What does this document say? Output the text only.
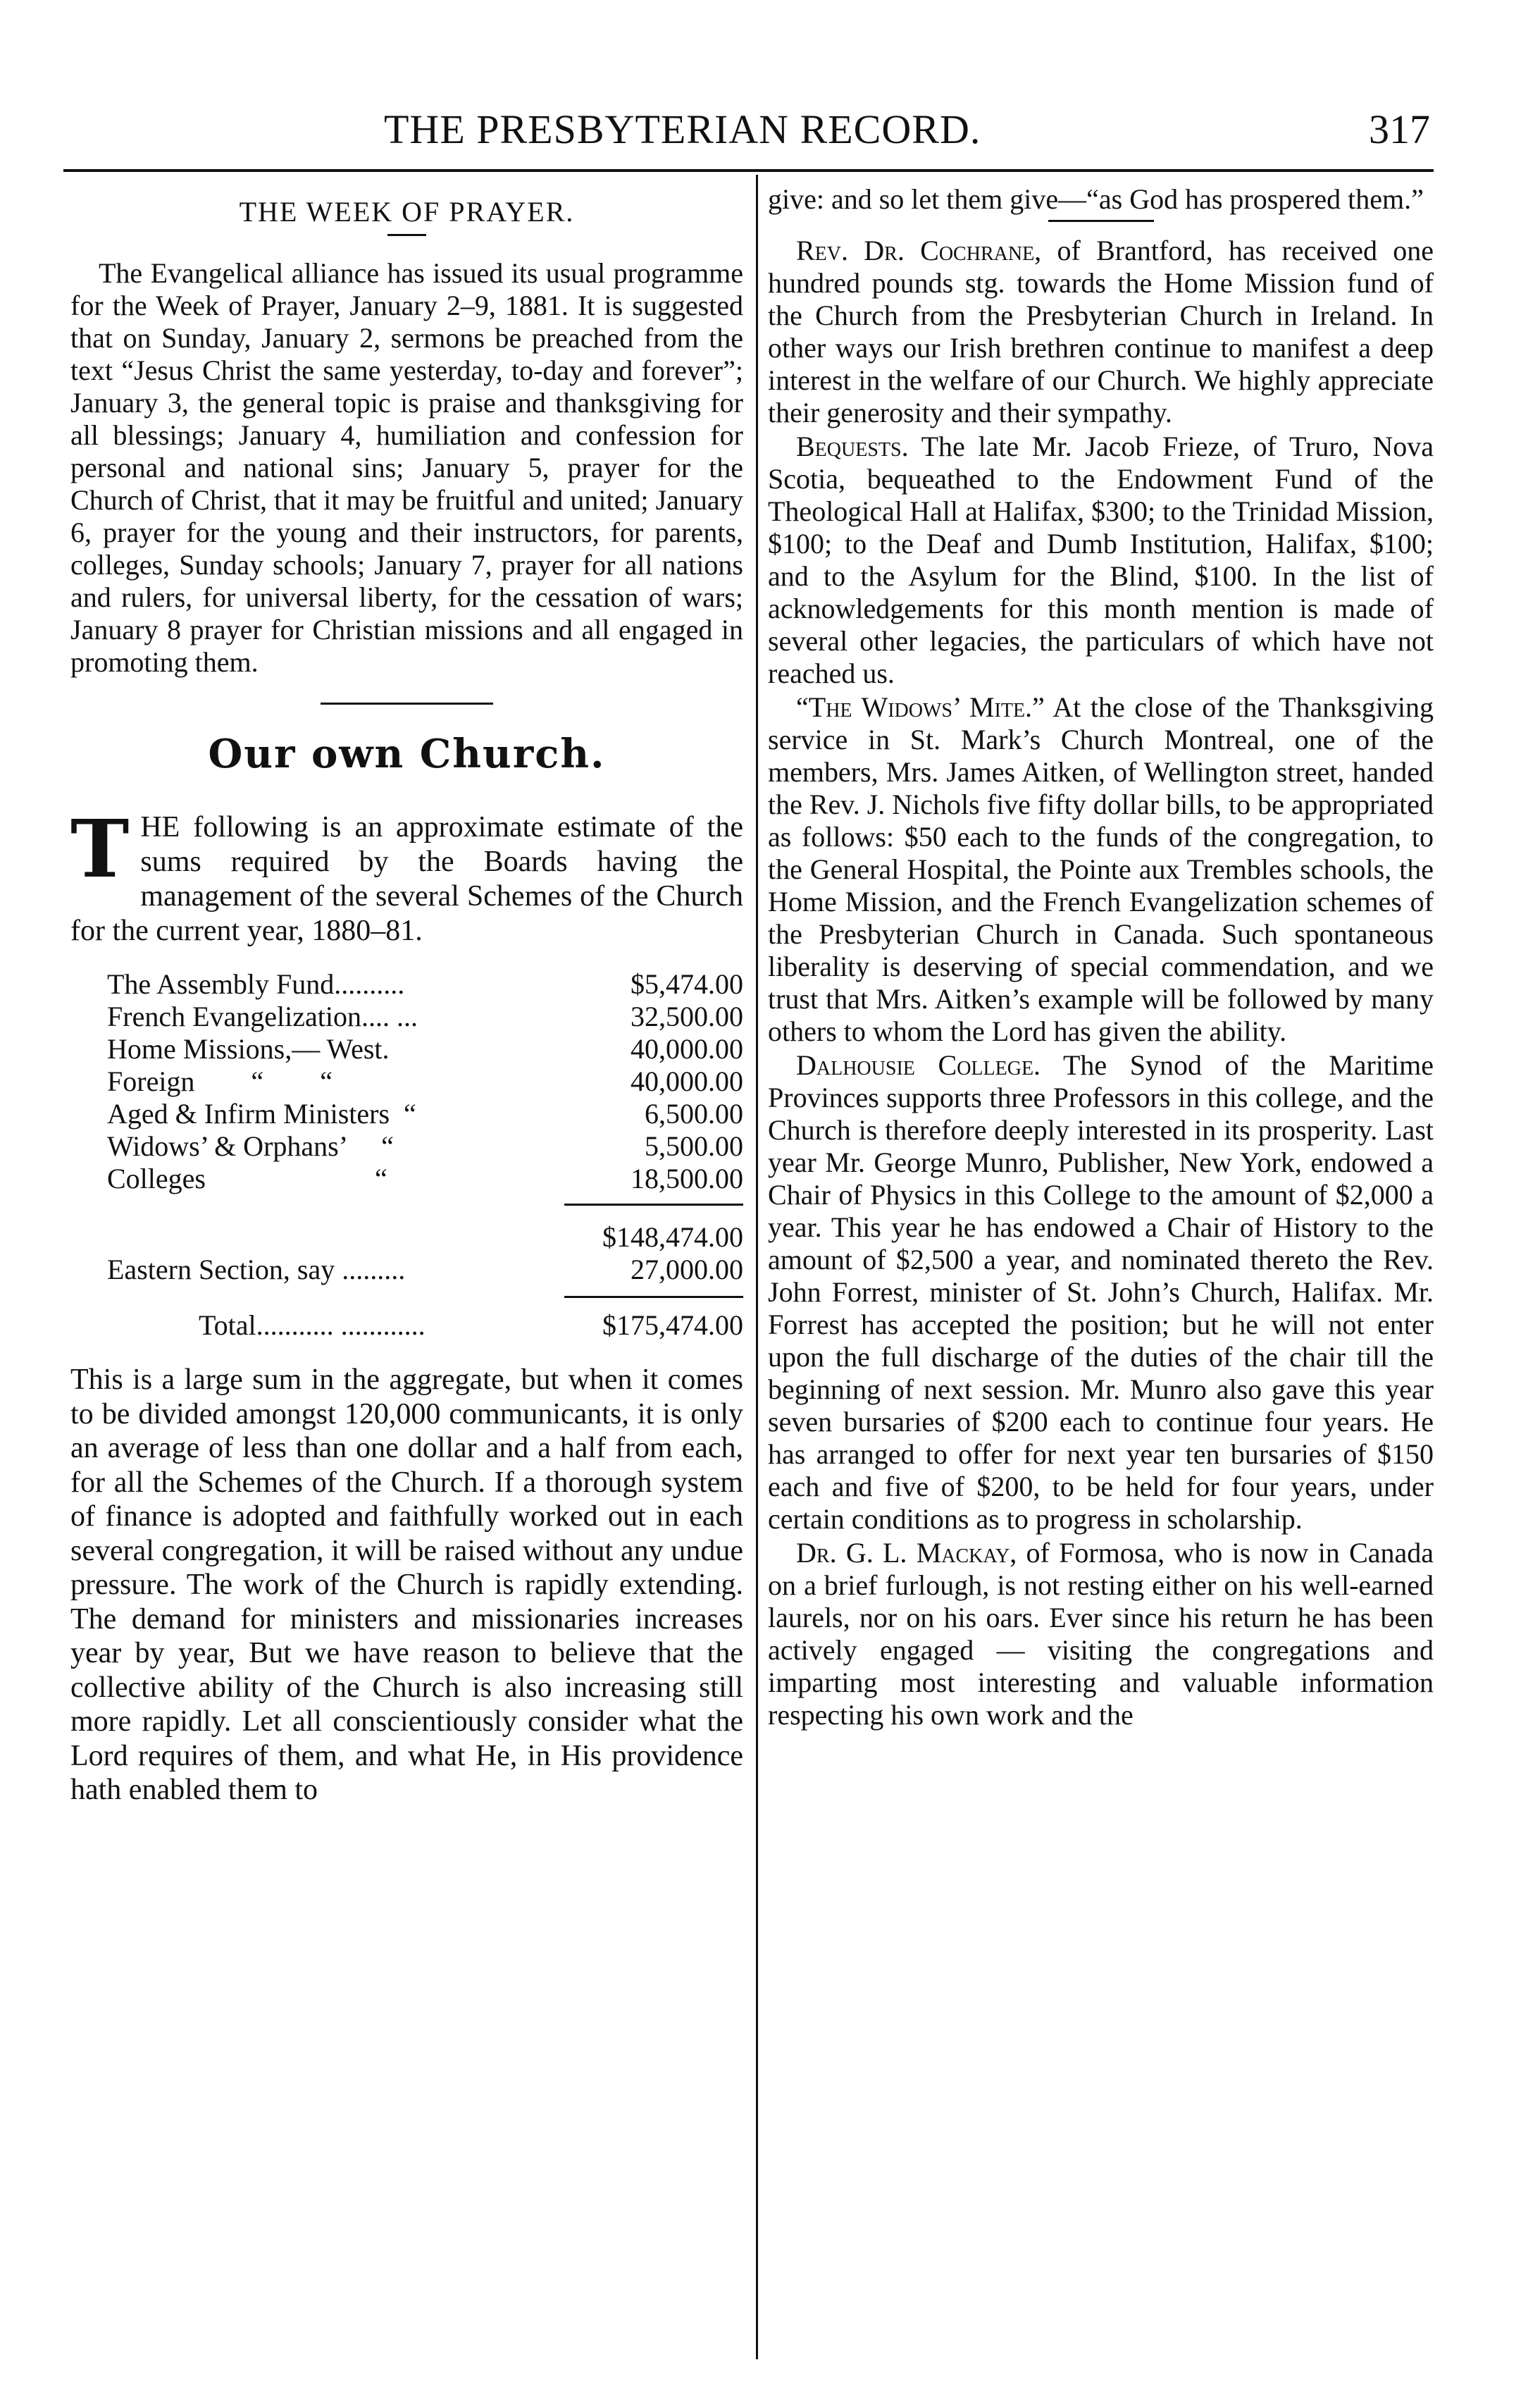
THE PRESBYTERIAN RECORD.	317
THE WEEK OF PRAYER.

The Evangelical alliance has issued its usual programme for the Week of Prayer, January 2–9, 1881. It is suggested that on Sunday, January 2, sermons be preached from the text “Jesus Christ the same yesterday, to-day and forever”; January 3, the general topic is praise and thanksgiving for all blessings; January 4, humiliation and confession for personal and national sins; January 5, prayer for the Church of Christ, that it may be fruitful and united; January 6, prayer for the young and their instructors, for parents, colleges, Sunday schools; January 7, prayer for all nations and rulers, for universal liberty, for the cessation of wars; January 8 prayer for Christian missions and all engaged in promoting them.

Our own Church.

THE following is an approximate estimate of the sums required by the Boards having the management of the several Schemes of the Church for the current year, 1880–81.

The Assembly Fund..........	$5,474.00
French Evangelization.... ...	32,500.00
Home Missions,— West.	40,000.00
Foreign        “        “	40,000.00
Aged & Infirm Ministers  “	6,500.00
Widows’ & Orphans’     “	5,500.00
Colleges                        “	18,500.00

	$148,474.00
Eastern Section, say .........	27,000.00

Total........... ............	$175,474.00

This is a large sum in the aggregate, but when it comes to be divided amongst 120,000 communicants, it is only an average of less than one dollar and a half from each, for all the Schemes of the Church. If a thorough system of finance is adopted and faithfully worked out in each several congregation, it will be raised without any undue pressure. The work of the Church is rapidly extending. The demand for ministers and missionaries increases year by year, But we have reason to believe that the collective ability of the Church is also increasing still more rapidly. Let all conscientiously consider what the Lord requires of them, and what He, in His providence hath enabled them to

give: and so let them give—“as God has prospered them.”

Rev. Dr. Cochrane, of Brantford, has received one hundred pounds stg. towards the Home Mission fund of the Church from the Presbyterian Church in Ireland. In other ways our Irish brethren continue to manifest a deep interest in the welfare of our Church. We highly appreciate their generosity and their sympathy.

Bequests. The late Mr. Jacob Frieze, of Truro, Nova Scotia, bequeathed to the Endowment Fund of the Theological Hall at Halifax, $300; to the Trinidad Mission, $100; to the Deaf and Dumb Institution, Halifax, $100; and to the Asylum for the Blind, $100. In the list of acknowledgements for this month mention is made of several other legacies, the particulars of which have not reached us.

“The Widows’ Mite.” At the close of the Thanksgiving service in St. Mark’s Church Montreal, one of the members, Mrs. James Aitken, of Wellington street, handed the Rev. J. Nichols five fifty dollar bills, to be appropriated as follows: $50 each to the funds of the congregation, to the General Hospital, the Pointe aux Trembles schools, the Home Mission, and the French Evangelization schemes of the Presbyterian Church in Canada. Such spontaneous liberality is deserving of special commendation, and we trust that Mrs. Aitken’s example will be followed by many others to whom the Lord has given the ability.

Dalhousie College. The Synod of the Maritime Provinces supports three Professors in this college, and the Church is therefore deeply interested in its prosperity. Last year Mr. George Munro, Publisher, New York, endowed a Chair of Physics in this College to the amount of $2,000 a year. This year he has endowed a Chair of History to the amount of $2,500 a year, and nominated thereto the Rev. John Forrest, minister of St. John’s Church, Halifax. Mr. Forrest has accepted the position; but he will not enter upon the full discharge of the duties of the chair till the beginning of next session. Mr. Munro also gave this year seven bursaries of $200 each to continue four years. He has arranged to offer for next year ten bursaries of $150 each and five of $200, to be held for four years, under certain conditions as to progress in scholarship.

Dr. G. L. Mackay, of Formosa, who is now in Canada on a brief furlough, is not resting either on his well-earned laurels, nor on his oars. Ever since his return he has been actively engaged — visiting the congregations and imparting most interesting and valuable information respecting his own work and the
